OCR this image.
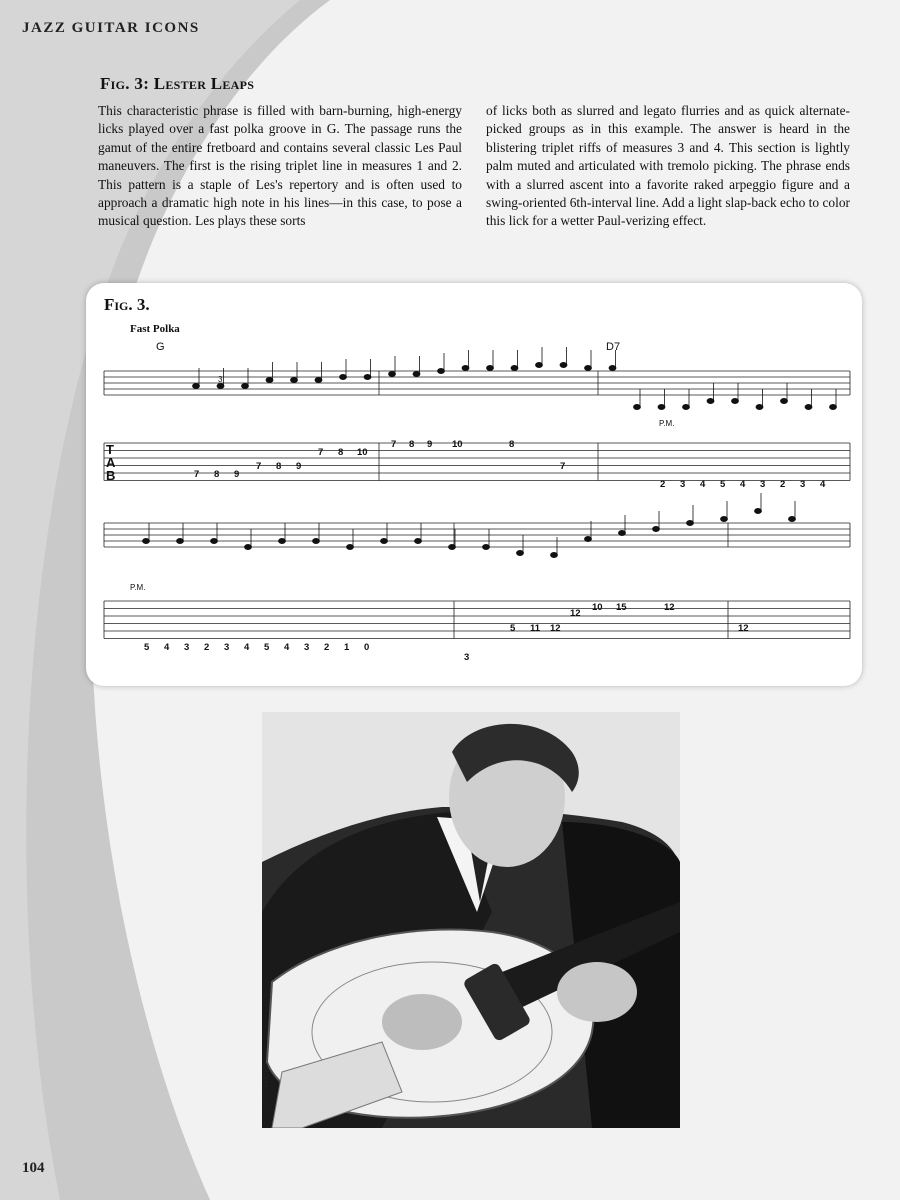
JAZZ GUITAR ICONS
Fig. 3: Lester Leaps
This characteristic phrase is filled with barn-burning, high-energy licks played over a fast polka groove in G. The passage runs the gamut of the entire fretboard and contains several classic Les Paul maneuvers. The first is the rising triplet line in measures 1 and 2. This pattern is a staple of Les's repertory and is often used to approach a dramatic high note in his lines—in this case, to pose a musical question. Les plays these sorts
of licks both as slurred and legato flurries and as quick alternate-picked groups as in this example. The answer is heard in the blistering triplet riffs of measures 3 and 4. This section is lightly palm muted and articulated with tremolo picking. The phrase ends with a slurred ascent into a favorite raked arpeggio figure and a swing-oriented 6th-interval line. Add a light slap-back echo to color this lick for a wetter Paul-verizing effect.
7 8 9
7 8 9
7 8 10
7 8 9 10	8
7
2 3 4 5 4 3 2 3 4
5 4 3 2 3 4 5 4 3 2 1 0
3
5 11 12
12
10 15	12
12
Fig. 3.
Fast Polka
G	D7
P.M.
P.M.
T
A
B
3
© CTSIMAGES
104
